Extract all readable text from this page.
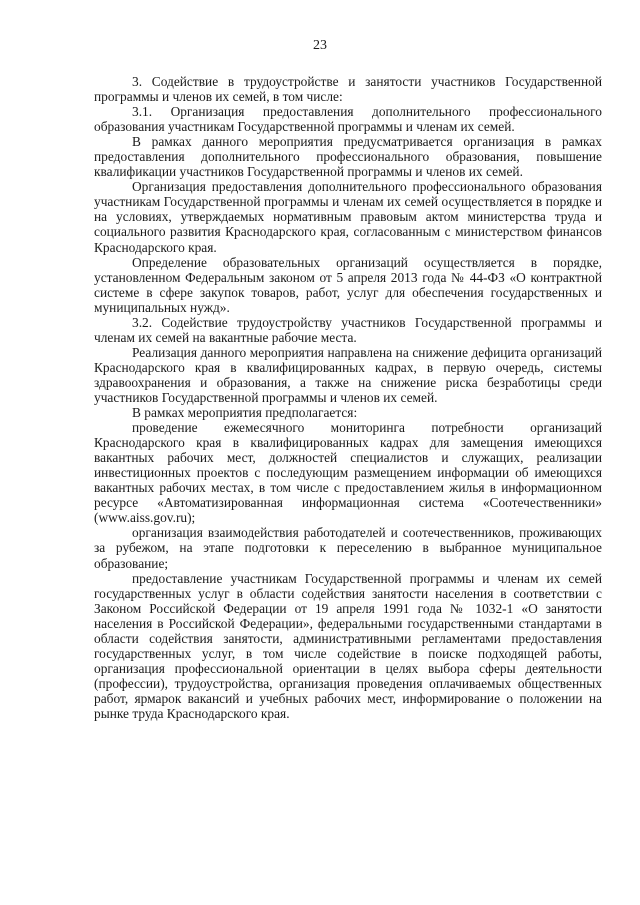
23

3. Содействие в трудоустройстве и занятости участников Государственной программы и членов их семей, в том числе:

3.1. Организация предоставления дополнительного профессионального образования участникам Государственной программы и членам их семей.

В рамках данного мероприятия предусматривается организация в рамках предоставления дополнительного профессионального образования, повышение квалификации участников Государственной программы и членов их семей.

Организация предоставления дополнительного профессионального образования участникам Государственной программы и членам их семей осуществляется в порядке и на условиях, утверждаемых нормативным правовым актом министерства труда и социального развития Краснодарского края, согласованным с министерством финансов Краснодарского края.

Определение образовательных организаций осуществляется в порядке, установленном Федеральным законом от 5 апреля 2013 года № 44-ФЗ «О контрактной системе в сфере закупок товаров, работ, услуг для обеспечения государственных и муниципальных нужд».

3.2. Содействие трудоустройству участников Государственной программы и членам их семей на вакантные рабочие места.

Реализация данного мероприятия направлена на снижение дефицита организаций Краснодарского края в квалифицированных кадрах, в первую очередь, системы здравоохранения и образования, а также на снижение риска безработицы среди участников Государственной программы и членов их семей.

В рамках мероприятия предполагается:

проведение ежемесячного мониторинга потребности организаций Краснодарского края в квалифицированных кадрах для замещения имеющихся вакантных рабочих мест, должностей специалистов и служащих, реализации инвестиционных проектов с последующим размещением информации об имеющихся вакантных рабочих местах, в том числе с предоставлением жилья в информационном ресурсе «Автоматизированная информационная система «Соотечественники» (www.aiss.gov.ru);

организация взаимодействия работодателей и соотечественников, проживающих за рубежом, на этапе подготовки к переселению в выбранное муниципальное образование;

предоставление участникам Государственной программы и членам их семей государственных услуг в области содействия занятости населения в соответствии с Законом Российской Федерации от 19 апреля 1991 года № 1032-1 «О занятости населения в Российской Федерации», федеральными государственными стандартами в области содействия занятости, административными регламентами предоставления государственных услуг, в том числе содействие в поиске подходящей работы, организация профессиональной ориентации в целях выбора сферы деятельности (профессии), трудоустройства, организация проведения оплачиваемых общественных работ, ярмарок вакансий и учебных рабочих мест, информирование о положении на рынке труда Краснодарского края.
